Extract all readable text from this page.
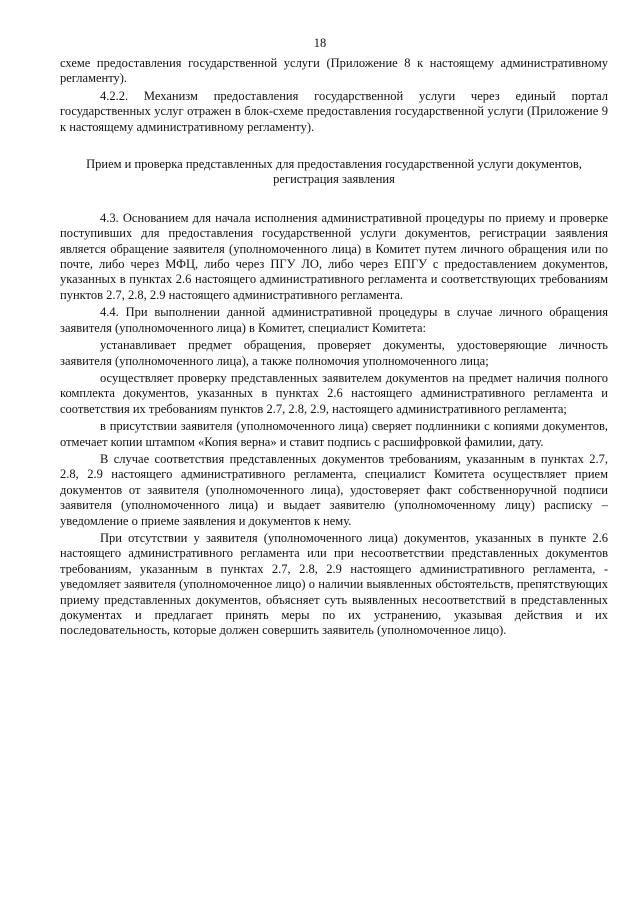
18

схеме предоставления государственной услуги (Приложение 8 к настоящему административному регламенту).

4.2.2. Механизм предоставления государственной услуги через единый портал государственных услуг отражен в блок-схеме предоставления государственной услуги (Приложение 9 к настоящему административному регламенту).

Прием и проверка представленных для предоставления государственной услуги документов, регистрация заявления

4.3. Основанием для начала исполнения административной процедуры по приему и проверке поступивших для предоставления государственной услуги документов, регистрации заявления является обращение заявителя (уполномоченного лица) в Комитет путем личного обращения или по почте, либо через МФЦ, либо через ПГУ ЛО, либо через ЕПГУ с предоставлением документов, указанных в пунктах 2.6 настоящего административного регламента и соответствующих требованиям пунктов 2.7, 2.8, 2.9 настоящего административного регламента.

4.4. При выполнении данной административной процедуры в случае личного обращения заявителя (уполномоченного лица) в Комитет, специалист Комитета:

устанавливает предмет обращения, проверяет документы, удостоверяющие личность заявителя (уполномоченного лица), а также полномочия уполномоченного лица;

осуществляет проверку представленных заявителем документов на предмет наличия полного комплекта документов, указанных в пунктах 2.6 настоящего административного регламента и соответствия их требованиям пунктов 2.7, 2.8, 2.9, настоящего административного регламента;

в присутствии заявителя (уполномоченного лица) сверяет подлинники с копиями документов, отмечает копии штампом «Копия верна» и ставит подпись с расшифровкой фамилии, дату.

В случае соответствия представленных документов требованиям, указанным в пунктах 2.7, 2.8, 2.9 настоящего административного регламента, специалист Комитета осуществляет прием документов от заявителя (уполномоченного лица), удостоверяет факт собственноручной подписи заявителя (уполномоченного лица) и выдает заявителю (уполномоченному лицу) расписку – уведомление о приеме заявления и документов к нему.

При отсутствии у заявителя (уполномоченного лица) документов, указанных в пункте 2.6 настоящего административного регламента или при несоответствии представленных документов требованиям, указанным в пунктах 2.7, 2.8, 2.9 настоящего административного регламента, - уведомляет заявителя (уполномоченное лицо) о наличии выявленных обстоятельств, препятствующих приему представленных документов, объясняет суть выявленных несоответствий в представленных документах и предлагает принять меры по их устранению, указывая действия и их последовательность, которые должен совершить заявитель (уполномоченное лицо).
